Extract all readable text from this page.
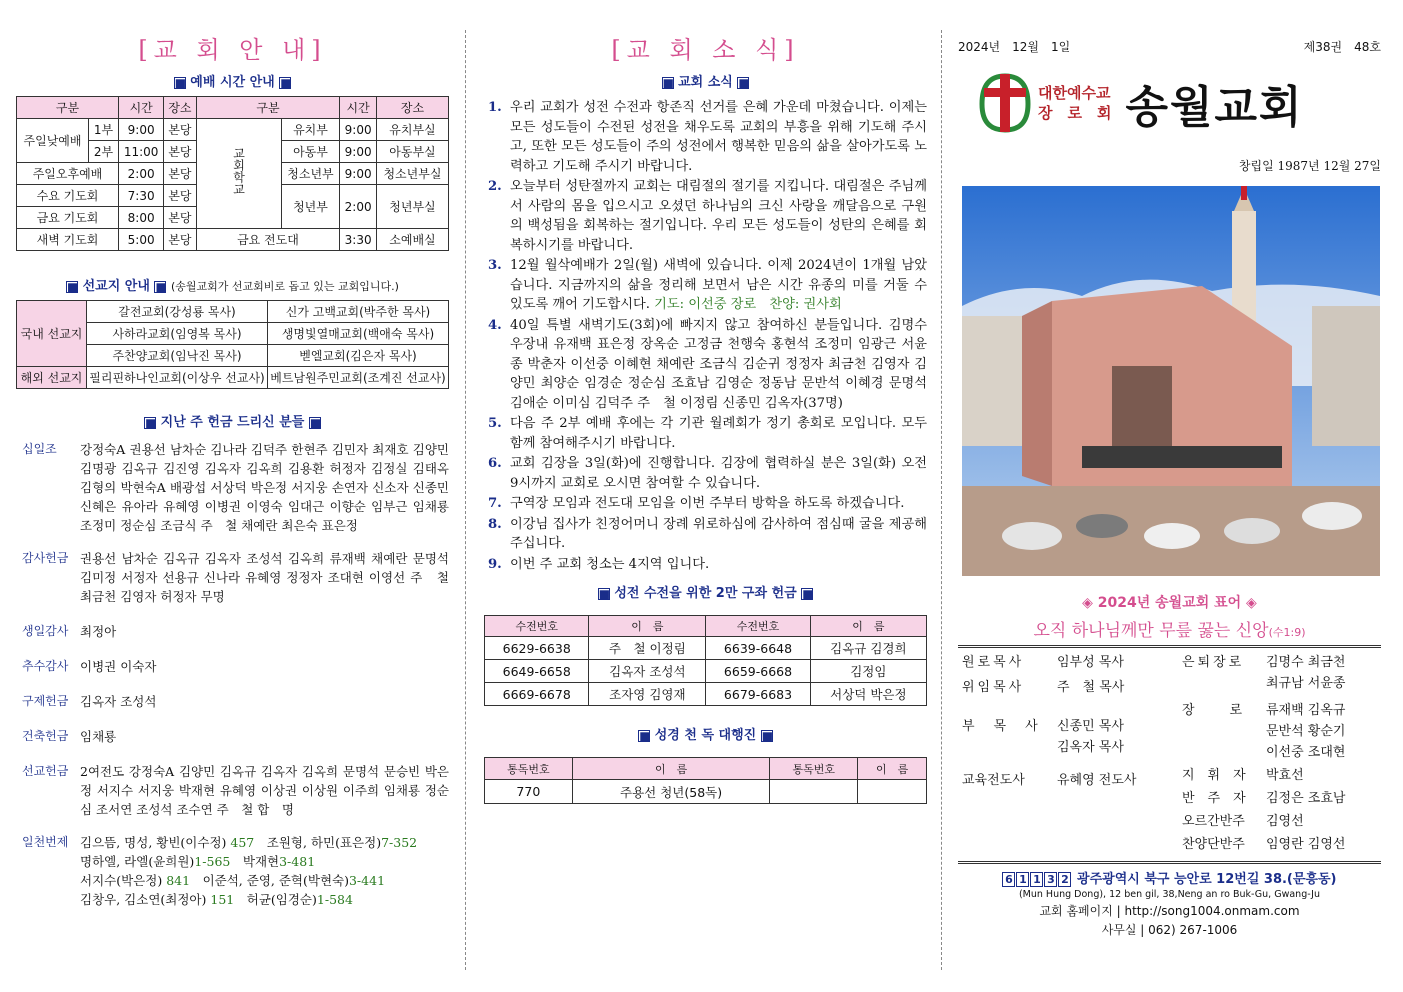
[교 회 안 내]
■ 예배 시간 안내 ■
구분		시간	장소	구분		시간	장소
주일낮예배	1부	9:00	본당	교회학교	유치부	9:00	유치부실
	2부	11:00	본당		아동부	9:00	아동부실
주일오후예배		2:00	본당		청소년부	9:00	청소년부실
수요 기도회		7:30	본당		청년부	2:00	청년부실
금요 기도회		8:00	본당				
새벽 기도회		5:00	본당	금요 전도대		3:30	소예배실
■ 선교지 안내 ■ (송월교회가 선교회비로 돕고 있는 교회입니다.)
국내 선교지	갈전교회(강성룡 목사)	신가 고백교회(박주한 목사)
	사하라교회(임영복 목사)	생명빛열매교회(백애숙 목사)
	주찬양교회(임낙진 목사)	벧엘교회(김은자 목사)
해외 선교지	필리핀하나인교회(이상우 선교사)	베트남원주민교회(조계진 선교사)
■ 지난 주 헌금 드리신 분들 ■
십일조	강정숙A 권용선 남차순 김나라 김덕주 한현주 김민자 최재호 김양민 김명광 김옥규 김진영 김옥자 김옥희 김용환 허정자 김정실 김태옥 김형의 박현숙A 배광섭 서상덕 박은정 서지웅 손연자 신소자 신종민 신혜은 유아라 유혜영 이병권 이영숙 임대근 이향순 임부근 임채룡 조정미 정순심 조금식 주　철 채예란 최은숙 표은정
감사헌금 권용선 남차순 김옥규 김옥자 조성석 김옥희 류재백 채예란 문명석 김미정 서정자 선용규 신나라 유혜영 정정자 조대현 이영선 주　철 최금천 김영자 허정자 무명
생일감사 최정아
추수감사 이병권 이숙자
구제헌금 김옥자 조성석
건축헌금 임채룡
선교헌금 2여전도 강정숙A 김양민 김옥규 김옥자 김옥희 문명석 문승빈 박은정 서지수 서지웅 박재현 유혜영 이상권 이상원 이주희 임채룡 정순심 조서연 조성석 조수연 주　철 합　명
일천번제 김으뜸, 명성, 황빈(이수정) 457　 조원형, 하민(표은정)7-352
명하엘, 라엘(윤희원)1-565　 박재현3-481
서지수(박은정) 841　 이준석, 준영, 준혁(박현숙)3-441
김창우, 김소연(최정아) 151　 허균(임경순)1-584
[교 회 소 식]
■ 교회 소식 ■
1. 우리 교회가 성전 수전과 항존직 선거를 은혜 가운데 마쳤습니다. 이제는 모든 성도들이 수전된 성전을 채우도록 교회의 부흥을 위해 기도해 주시고, 또한 모든 성도들이 주의 성전에서 행복한 믿음의 삶을 살아가도록 노력하고 기도해 주시기 바랍니다.
2. 오늘부터 성탄절까지 교회는 대림절의 절기를 지킵니다. 대림절은 주님께서 사람의 몸을 입으시고 오셨던 하나님의 크신 사랑을 깨달음으로 구원의 백성됨을 회복하는 절기입니다. 우리 모든 성도들이 성탄의 은혜를 회복하시기를 바랍니다.
3. 12월 월삭예배가 2일(월) 새벽에 있습니다. 이제 2024년이 1개월 남았습니다. 지금까지의 삶을 정리해 보면서 남은 시간 유종의 미를 거둘 수 있도록 깨어 기도합시다. 기도: 이선중 장로　찬양: 권사회
4. 40일 특별 새벽기도(3회)에 빠지지 않고 참여하신 분들입니다. 김명수 우장내 유재백 표은정 장옥순 고정금 천행숙 홍현석 조정미 임광근 서윤종 박춘자 이선중 이혜현 채예란 조금식 김순귀 정정자 최금천 김영자 김양민 최양순 임경순 정순심 조효남 김영순 정동남 문반석 이혜경 문명석 김애순 이미심 김덕주 주　철 이정림 신종민 김옥자(37명)
5. 다음 주 2부 예배 후에는 각 기관 월례회가 정기 총회로 모입니다. 모두 함께 참여해주시기 바랍니다.
6. 교회 김장을 3일(화)에 진행합니다. 김장에 협력하실 분은 3일(화) 오전 9시까지 교회로 오시면 참여할 수 있습니다.
7. 구역장 모임과 전도대 모임을 이번 주부터 방학을 하도록 하겠습니다.
8. 이강님 집사가 친정어머니 장례 위로하심에 감사하여 점심때 굴을 제공해주십니다.
9. 이번 주 교회 청소는 4지역 입니다.
■ 성전 수전을 위한 2만 구좌 헌금 ■
수전번호	이　름	수전번호	이　름
6629-6638	주　철 이정림	6639-6648	김옥규 김경희
6649-6658	김옥자 조성석	6659-6668	김정임
6669-6678	조자영 김영재	6679-6683	서상덕 박은정
■ 성경 천 독 대행진 ■
통독번호	이　름	통독번호	이　름
770	주용선 청년(58독)		
2024년　12월　1일	제38권　48호
대한예수교
장　로　회 송월교회
창립일 1987년 12월 27일
◈ 2024년 송월교회 표어 ◈
오직 하나님께만 무릎 꿇는 신앙(수1:9)
원로목사	임부성 목사
위임목사	주　철 목사
부　목　사	신종민 목사
김옥자 목사
교육전도사	유혜영 전도사
은퇴장로	김명수 최금천
최규남 서윤종
장　　로	류재백 김옥규
문반석 황순기
이선중 조대현
지　휘　자	박효선
반　주　자	김정은 조효남
오르간반주	김영선
찬양단반주	임영란 김영선
6 1 1 3 2 광주광역시 북구 능안로 12번길 38.(문흥동)
(Mun Hung Dong), 12 ben gil, 38,Neng an ro Buk-Gu, Gwang-Ju
교회 홈페이지 | http://song1004.onmam.com
사무실 | 062) 267-1006
